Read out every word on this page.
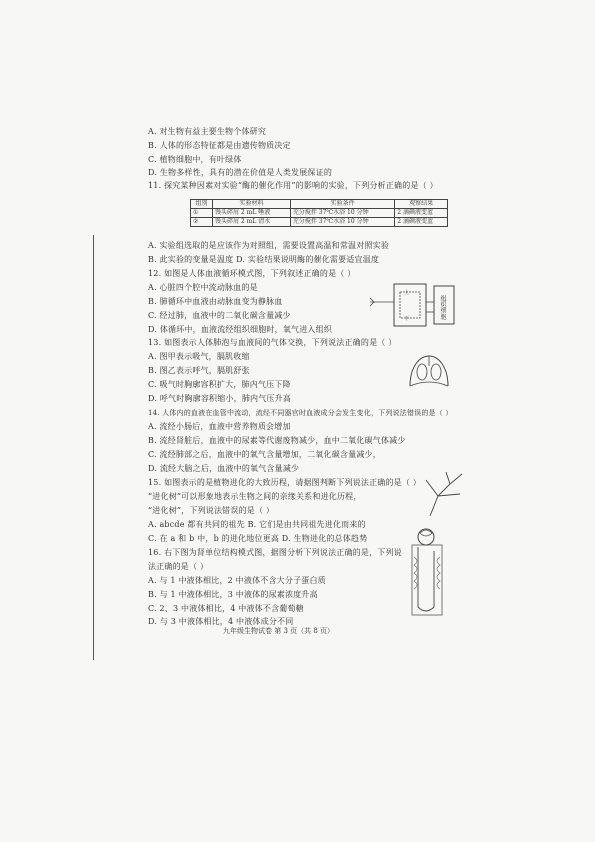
A. 对生物有益主要生物个体研究
B. 人体的形态特征都是由遗传物质决定
C. 植物细胞中，有叶绿体
D. 生物多样性，具有的潜在价值是人类发展保证的
11. 探究某种因素对实验“酶的催化作用”的影响的实验，下列分析正确的是（ ）
组别	实验材料	实验条件	观察结果
①	馒头碎屑 2 mL 唾液	充分搅拌 37℃水浴 10 分钟	2 滴碘液变蓝
②	馒头碎屑 2 mL 清水	充分搅拌 37℃水浴 10 分钟	2 滴碘液变蓝
A. 实验组选取的是应该作为对照组，需要设置高温和常温对照实验
B. 此实验的变量是温度 D. 实验结果说明酶的催化需要适宜温度
12. 如图是人体血液循环模式图，下列叙述正确的是（ ）
A. 心脏四个腔中流动脉血的是
B. 肺循环中血液由动脉血变为静脉血
C. 经过肺，血液中的二氧化碳含量减少
D. 体循环中，血液流经组织细胞时，氧气进入组织
13. 如图表示人体肺泡与血液间的气体交换，下列说法正确的是（ ）
A. 图甲表示吸气，膈肌收缩
B. 图乙表示呼气，膈肌舒张
C. 吸气时胸廓容积扩大，肺内气压下降
D. 呼气时胸廓容积缩小，肺内气压升高
14. 人体内的血液在血管中流动，流经不同器官时血液成分会发生变化，下列说法错误的是（ ）
A. 流经小肠后，血液中营养物质会增加
B. 流经肾脏后，血液中的尿素等代谢废物减少，血中二氧化碳气体减少
C. 流经肺部之后，血液中的氧气含量增加，二氧化碳含量减少，
D. 流经大脑之后，血液中的氧气含量减少
15. 如图表示的是植物进化的大致历程，请据图判断下列说法正确的是（ ）
“进化树”可以形象地表示生物之间的亲缘关系和进化历程，
“进化树”，下列说法错误的是（ ）
A. abcde 都有共同的祖先 B. 它们是由共同祖先进化而来的
C. 在 a 和 b 中，b 的进化地位更高 D. 生物进化的总体趋势
16. 右下图为肾单位结构模式图，据图分析下列说法正确的是，下列说
法正确的是（ ）
A. 与 1 中液体相比，2 中液体不含大分子蛋白质
B. 与 1 中液体相比，3 中液体的尿素浓度升高
C. 2、3 中液体相比，4 中液体不含葡萄糖
D. 与 3 中液体相比，4 中液体成分不同
组织细胞
上
下
九年级生物试卷 第 3 页（共 8 页）
